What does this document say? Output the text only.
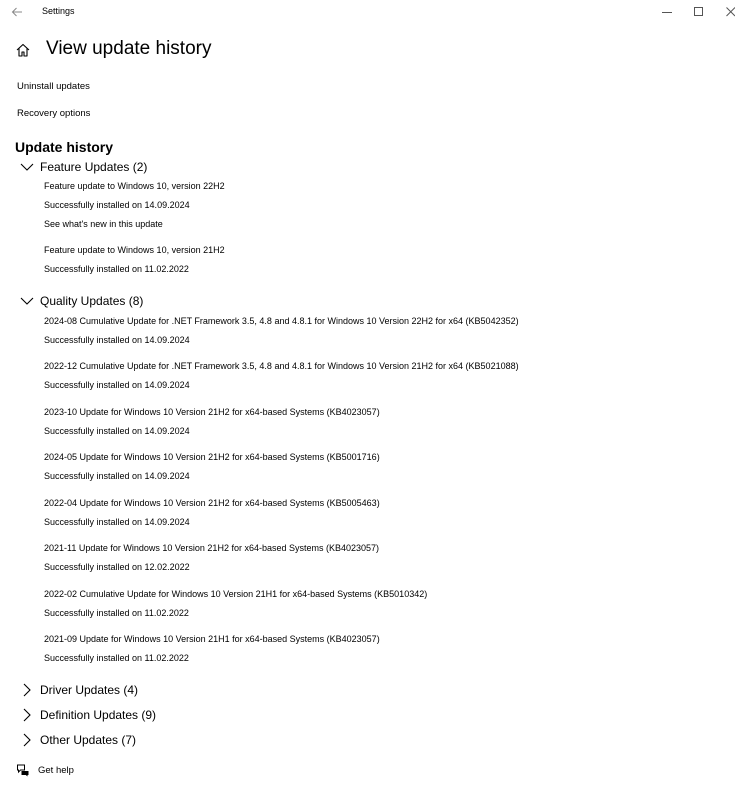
Settings
View update history
Uninstall updates
Recovery options
Update history
Feature Updates (2)
Feature update to Windows 10, version 22H2
Successfully installed on 14.09.2024
See what's new in this update
Feature update to Windows 10, version 21H2
Successfully installed on 11.02.2022
Quality Updates (8)
2024-08 Cumulative Update for .NET Framework 3.5, 4.8 and 4.8.1 for Windows 10 Version 22H2 for x64 (KB5042352)
Successfully installed on 14.09.2024
2022-12 Cumulative Update for .NET Framework 3.5, 4.8 and 4.8.1 for Windows 10 Version 21H2 for x64 (KB5021088)
Successfully installed on 14.09.2024
2023-10 Update for Windows 10 Version 21H2 for x64-based Systems (KB4023057)
Successfully installed on 14.09.2024
2024-05 Update for Windows 10 Version 21H2 for x64-based Systems (KB5001716)
Successfully installed on 14.09.2024
2022-04 Update for Windows 10 Version 21H2 for x64-based Systems (KB5005463)
Successfully installed on 14.09.2024
2021-11 Update for Windows 10 Version 21H2 for x64-based Systems (KB4023057)
Successfully installed on 12.02.2022
2022-02 Cumulative Update for Windows 10 Version 21H1 for x64-based Systems (KB5010342)
Successfully installed on 11.02.2022
2021-09 Update for Windows 10 Version 21H1 for x64-based Systems (KB4023057)
Successfully installed on 11.02.2022
Driver Updates (4)
Definition Updates (9)
Other Updates (7)
Get help
